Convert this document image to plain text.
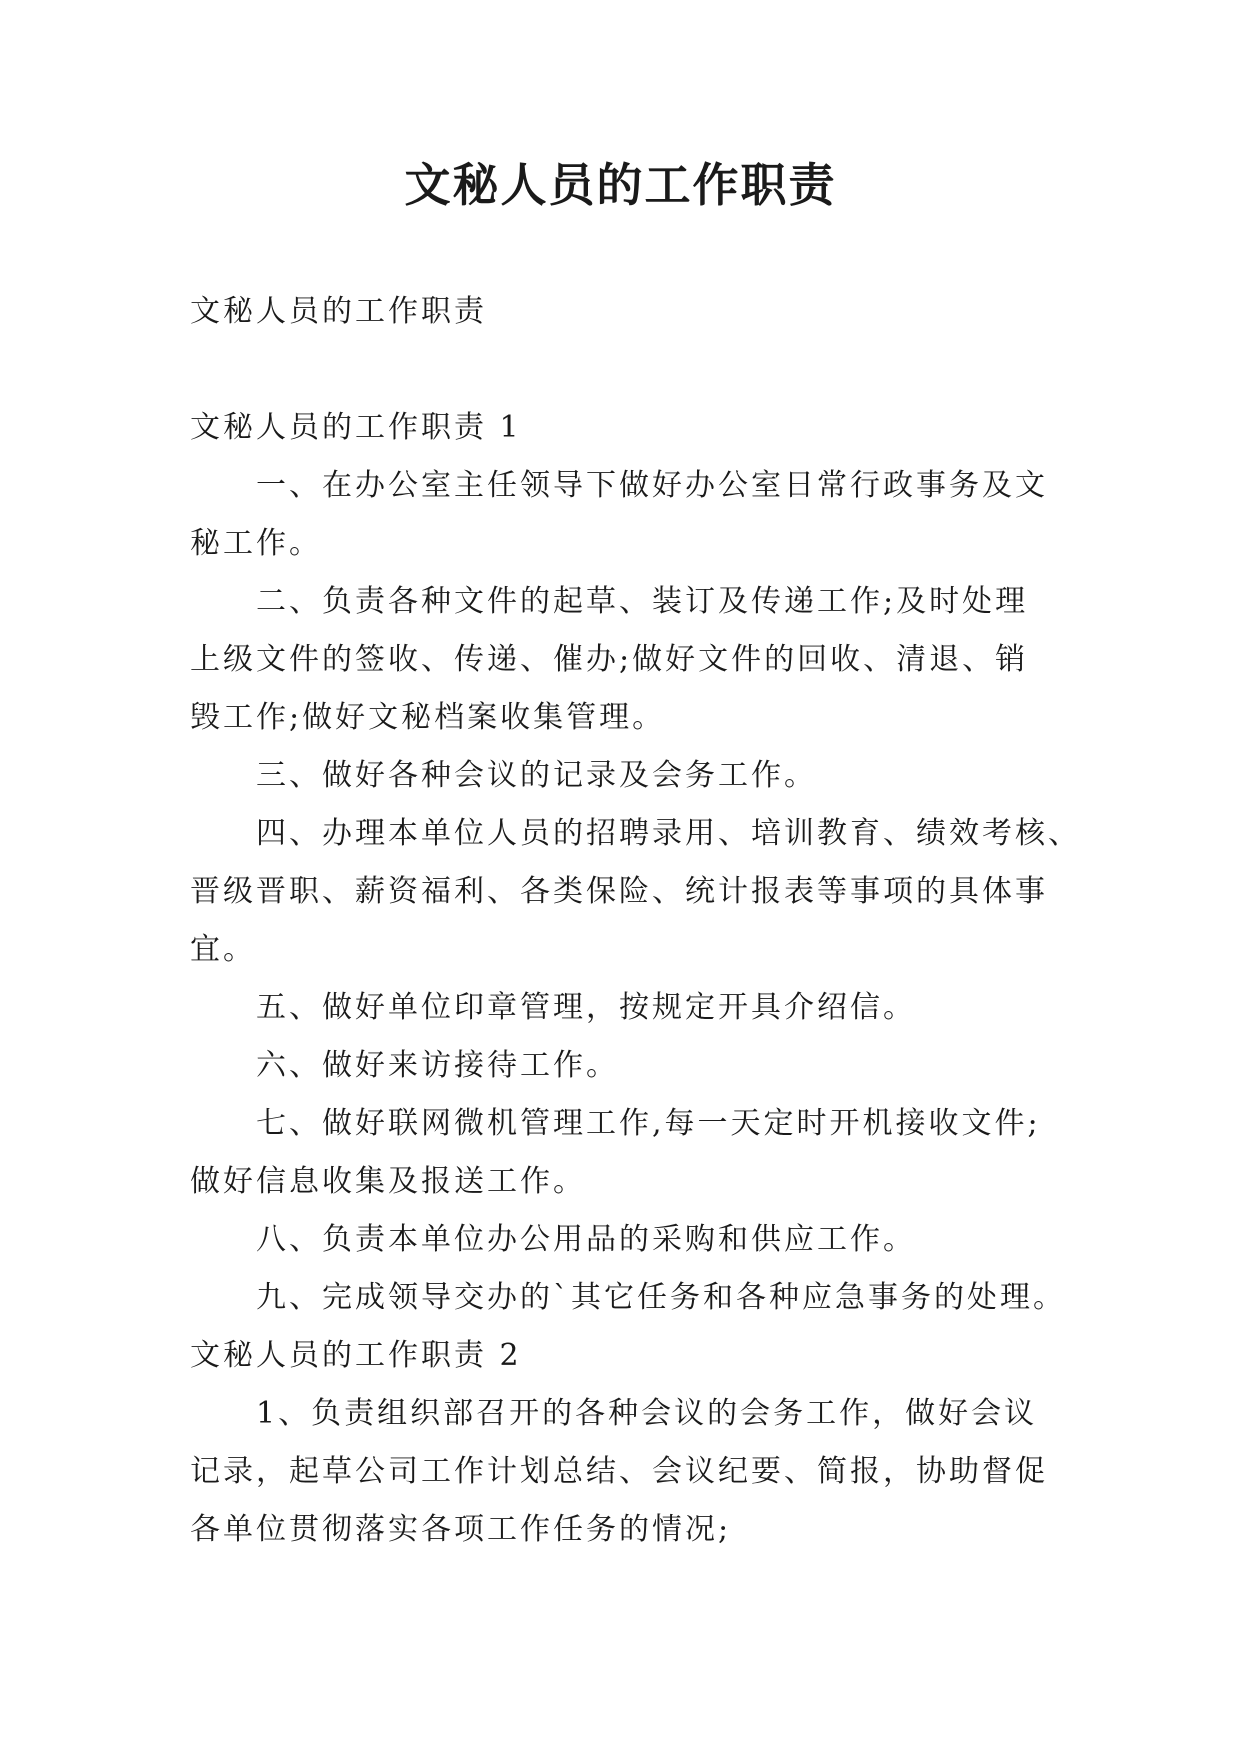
文秘人员的工作职责
文秘人员的工作职责
文秘人员的工作职责 1
一、在办公室主任领导下做好办公室日常行政事务及文
秘工作。
二、负责各种文件的起草、装订及传递工作;及时处理
上级文件的签收、传递、催办;做好文件的回收、清退、销
毁工作;做好文秘档案收集管理。
三、做好各种会议的记录及会务工作。
四、办理本单位人员的招聘录用、培训教育、绩效考核、
晋级晋职、薪资福利、各类保险、统计报表等事项的具体事
宜。
五、做好单位印章管理，按规定开具介绍信。
六、做好来访接待工作。
七、做好联网微机管理工作,每一天定时开机接收文件;
做好信息收集及报送工作。
八、负责本单位办公用品的采购和供应工作。
九、完成领导交办的`其它任务和各种应急事务的处理。
文秘人员的工作职责 2
1、负责组织部召开的各种会议的会务工作，做好会议
记录，起草公司工作计划总结、会议纪要、简报，协助督促
各单位贯彻落实各项工作任务的情况;
